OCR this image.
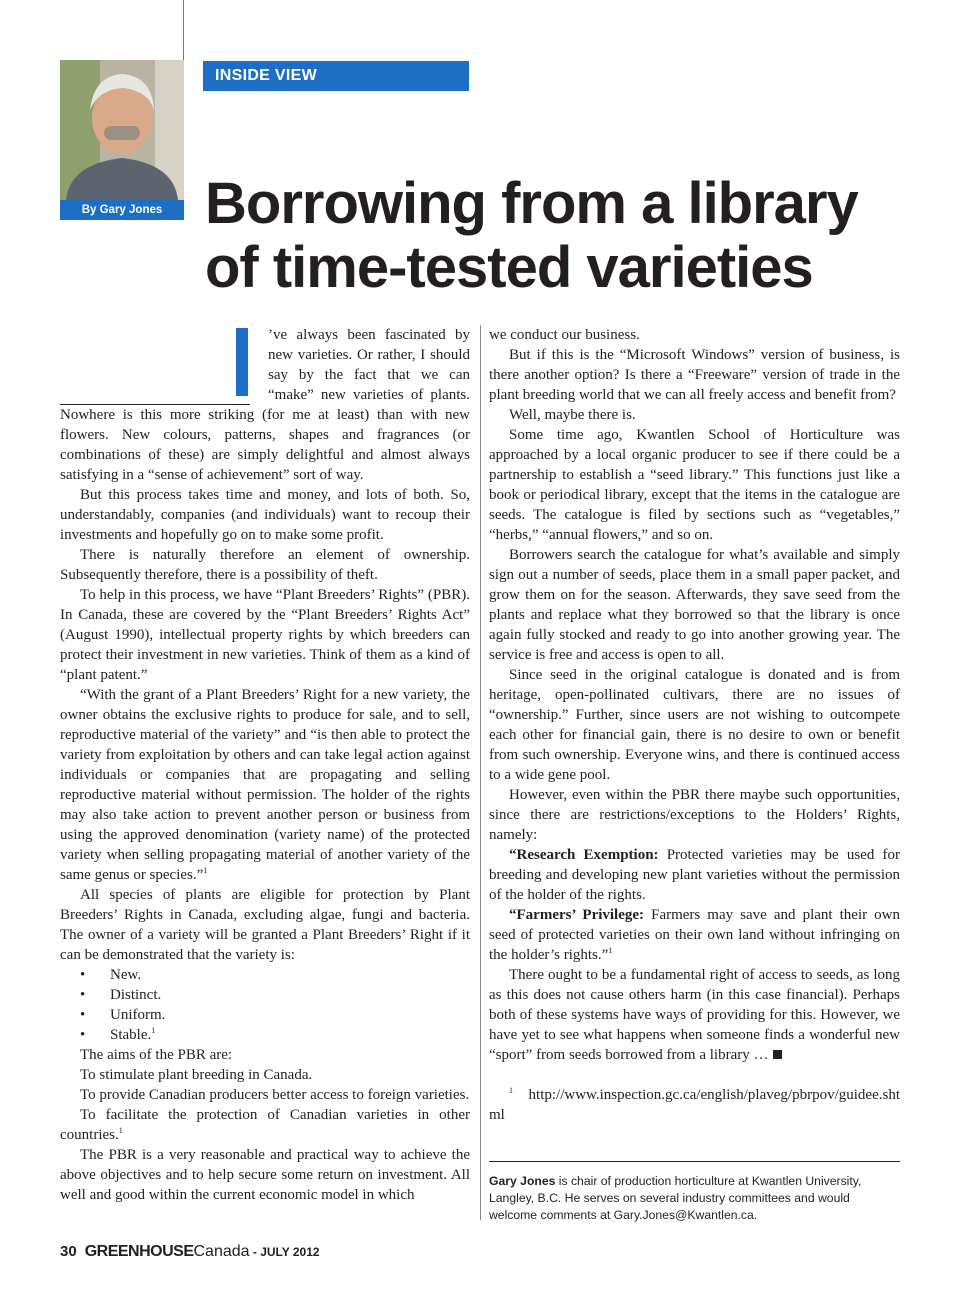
By Gary Jones
INSIDE VIEW
Borrowing from a library
of time-tested varieties

’ve always been fascinated by new varieties. Or rather, I should say by the fact that we can “make” new varieties of plants. Nowhere is this more striking (for me at least) than with new flowers. New colours, patterns, shapes and fragrances (or combinations of these) are simply delightful and almost always satisfying in a “sense of achievement” sort of way.

But this process takes time and money, and lots of both. So, understandably, companies (and individuals) want to recoup their investments and hopefully go on to make some profit.

There is naturally therefore an element of ownership. Subsequently therefore, there is a possibility of theft.

To help in this process, we have “Plant Breeders’ Rights” (PBR). In Canada, these are covered by the “Plant Breeders’ Rights Act” (August 1990), intellectual property rights by which breeders can protect their investment in new varieties. Think of them as a kind of “plant patent.”

“With the grant of a Plant Breeders’ Right for a new variety, the owner obtains the exclusive rights to produce for sale, and to sell, reproductive material of the variety” and “is then able to protect the variety from exploitation by others and can take legal action against individuals or companies that are propagating and selling reproductive material without permission. The holder of the rights may also take action to prevent another person or business from using the approved denomination (variety name) of the protected variety when selling propagating material of another variety of the same genus or species.”$^1$

All species of plants are eligible for protection by Plant Breeders’ Rights in Canada, excluding algae, fungi and bacteria. The owner of a variety will be granted a Plant Breeders’ Right if it can be demonstrated that the variety is:

• New.
• Distinct.
• Uniform.
• Stable.$^1$

The aims of the PBR are:

To stimulate plant breeding in Canada.

To provide Canadian producers better access to foreign varieties.

To facilitate the protection of Canadian varieties in other countries.$^1$

The PBR is a very reasonable and practical way to achieve the above objectives and to help secure some return on investment. All well and good within the current economic model in which

we conduct our business.

But if this is the “Microsoft Windows” version of business, is there another option? Is there a “Freeware” version of trade in the plant breeding world that we can all freely access and benefit from?

Well, maybe there is.

Some time ago, Kwantlen School of Horticulture was approached by a local organic producer to see if there could be a partnership to establish a “seed library.” This functions just like a book or periodical library, except that the items in the catalogue are seeds. The catalogue is filed by sections such as “vegetables,” “herbs,” “annual flowers,” and so on.

Borrowers search the catalogue for what’s available and simply sign out a number of seeds, place them in a small paper packet, and grow them on for the season. Afterwards, they save seed from the plants and replace what they borrowed so that the library is once again fully stocked and ready to go into another growing year. The service is free and access is open to all.

Since seed in the original catalogue is donated and is from heritage, open-pollinated cultivars, there are no issues of “ownership.” Further, since users are not wishing to outcompete each other for financial gain, there is no desire to own or benefit from such ownership. Everyone wins, and there is continued access to a wide gene pool.

However, even within the PBR there maybe such opportunities, since there are restrictions/exceptions to the Holders’ Rights, namely:

“Research Exemption: Protected varieties may be used for breeding and developing new plant varieties without the permission of the holder of the rights.

“Farmers’ Privilege: Farmers may save and plant their own seed of protected varieties on their own land without infringing on the holder’s rights.”$^1$

There ought to be a fundamental right of access to seeds, as long as this does not cause others harm (in this case financial). Perhaps both of these systems have ways of providing for this. However, we have yet to see what happens when someone finds a wonderful new “sport” from seeds borrowed from a library …

$^1$ http://www.inspection.gc.ca/english/plaveg/pbrpov/guidee.shtml

Gary Jones is chair of production horticulture at Kwantlen University, Langley, B.C. He serves on several industry committees and would welcome comments at Gary.Jones@Kwantlen.ca.
30 GREENHOUSECanada - JULY 2012
